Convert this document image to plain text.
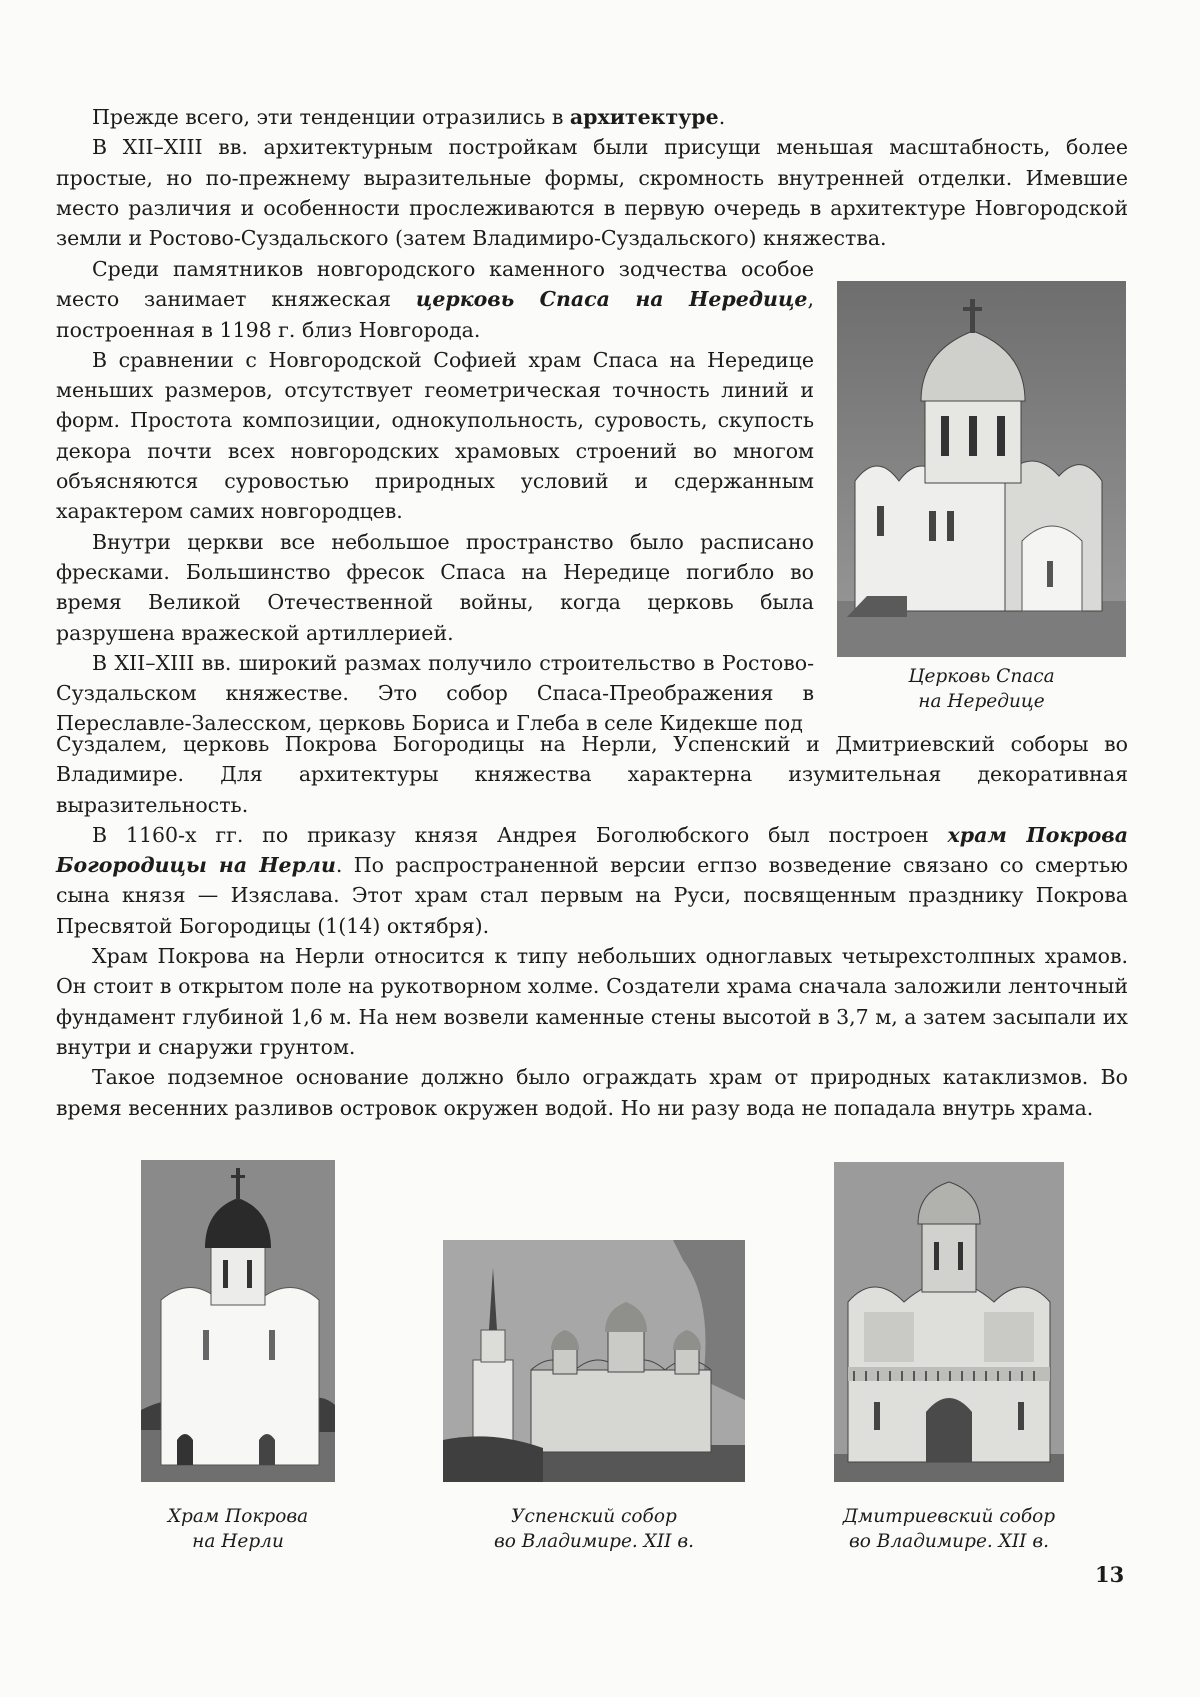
Прежде всего, эти тенденции отразились в архитектуре.

В XII–XIII вв. архитектурным постройкам были присущи меньшая масштабность, более простые, но по-прежнему выразительные формы, скромность внутренней отделки. Имевшие место различия и особенности прослеживаются в первую очередь в архитектуре Новгородской земли и Ростово-Суздальского (затем Владимиро-Суздальского) княжества.

Среди памятников новгородского каменного зодчества особое место занимает княжеская церковь Спаса на Нередице, построенная в 1198 г. близ Новгорода.

В сравнении с Новгородской Софией храм Спаса на Нередице меньших размеров, отсутствует геометрическая точность линий и форм. Простота композиции, однокупольность, суровость, скупость декора почти всех новгородских храмовых строений во многом объясняются суровостью природных условий и сдержанным характером самих новгородцев.

Внутри церкви все небольшое пространство было расписано фресками. Большинство фресок Спаса на Нередице погибло во время Великой Отечественной войны, когда церковь была разрушена вражеской артиллерией.

В XII–XIII вв. широкий размах получило строительство в Ростово-Суздальском княжестве. Это собор Спаса-Преображения в Переславле-Залесском, церковь Бориса и Глеба в селе Кидекше под

Суздалем, церковь Покрова Богородицы на Нерли, Успенский и Дмитриевский соборы во Владимире. Для архитектуры княжества характерна изумительная декоративная выразительность.

В 1160-х гг. по приказу князя Андрея Боголюбского был построен храм Покрова Богородицы на Нерли. По распространенной версии егпзо возведение связано со смертью сына князя — Изяслава. Этот храм стал первым на Руси, посвященным празднику Покрова Пресвятой Богородицы (1(14) октября).

Храм Покрова на Нерли относится к типу небольших одноглавых четырехстолпных храмов. Он стоит в открытом поле на рукотворном холме. Создатели храма сначала заложили ленточный фундамент глубиной 1,6 м. На нем возвели каменные стены высотой в 3,7 м, а затем засыпали их внутри и снаружи грунтом.

Такое подземное основание должно было ограждать храм от природных катаклизмов. Во время весенних разливов островок окружен водой. Но ни разу вода не попадала внутрь храма.

Церковь Спаса
на Нередице
Храм Покрова
на Нерли
Успенский собор
во Владимире. XII в.
Дмитриевский собор
во Владимире. XII в.
13
